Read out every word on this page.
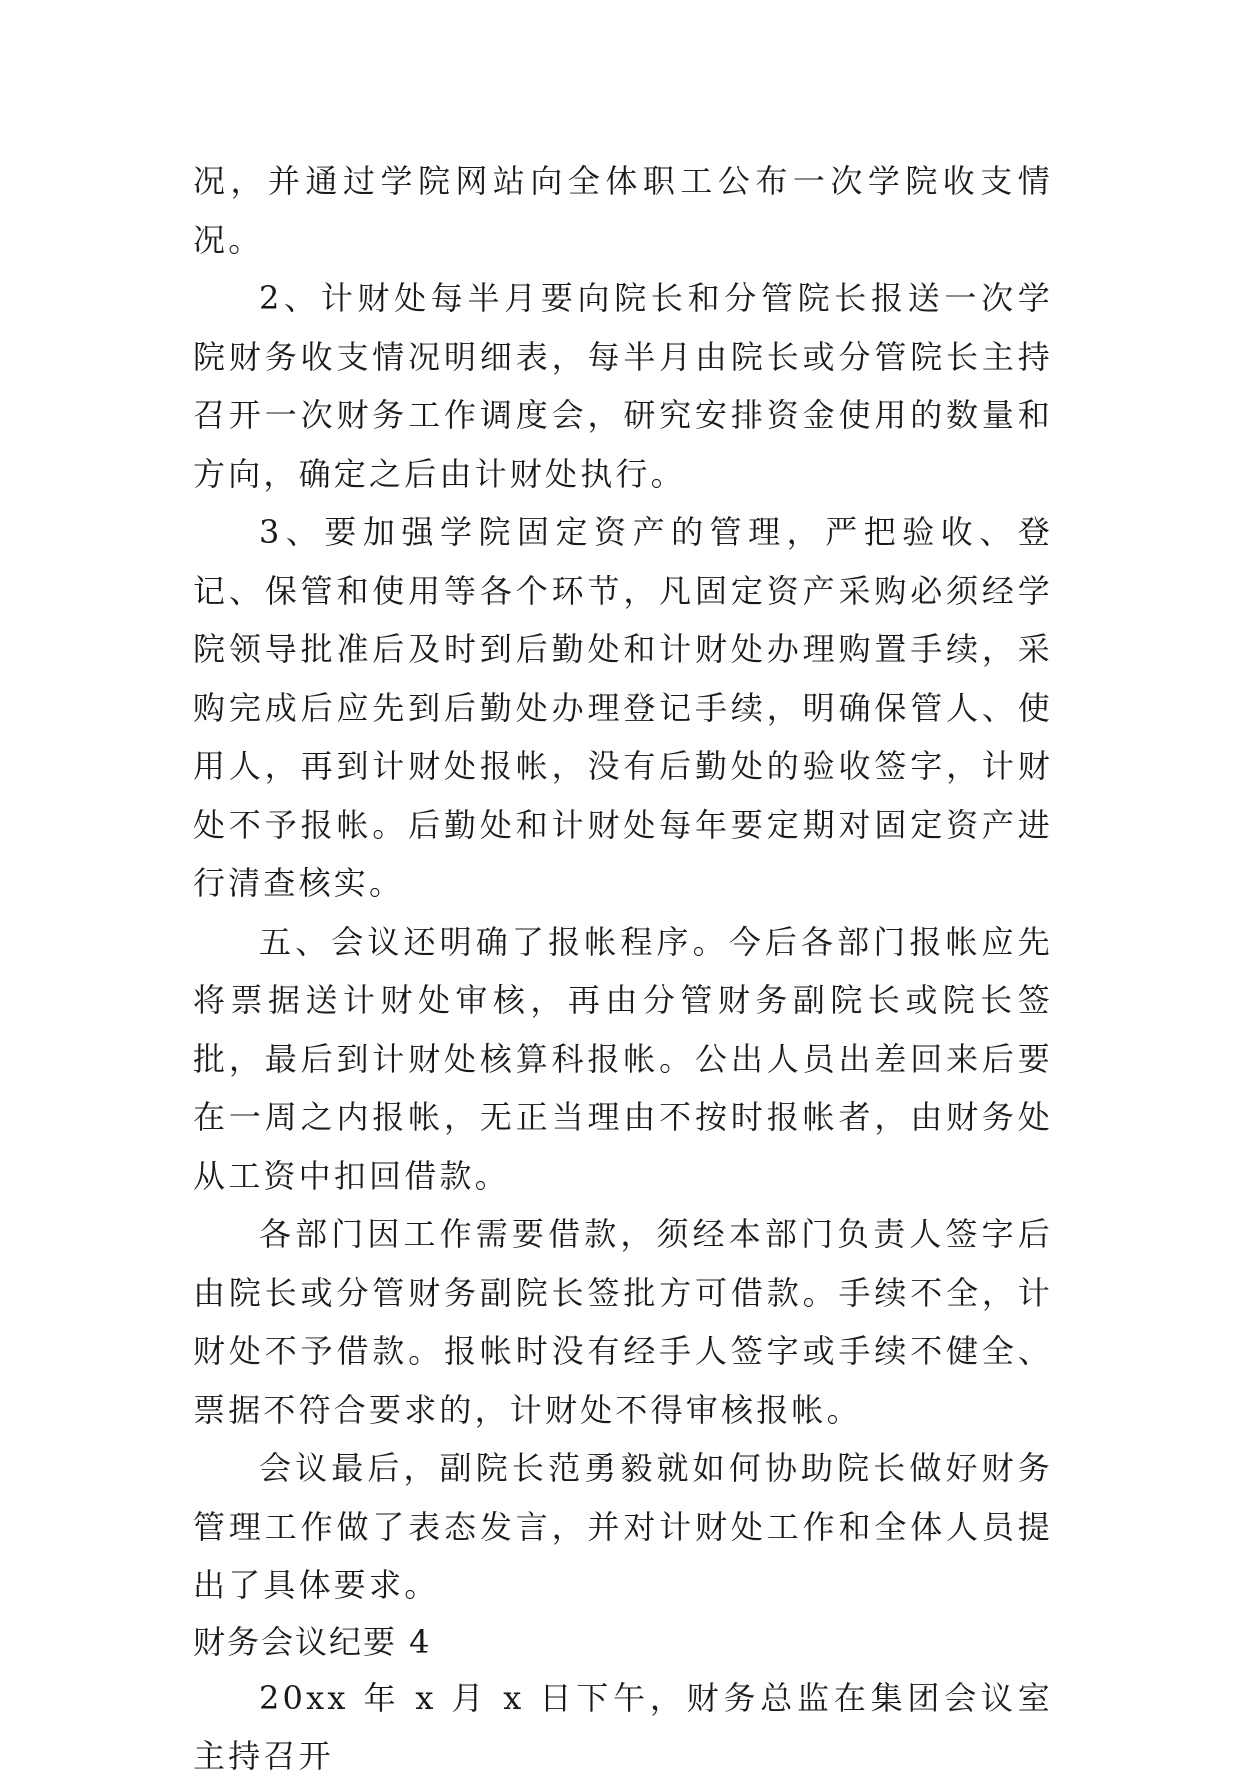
况，并通过学院网站向全体职工公布一次学院收支情况。

2、计财处每半月要向院长和分管院长报送一次学院财务收支情况明细表，每半月由院长或分管院长主持召开一次财务工作调度会，研究安排资金使用的数量和方向，确定之后由计财处执行。

3、要加强学院固定资产的管理，严把验收、登记、保管和使用等各个环节，凡固定资产采购必须经学院领导批准后及时到后勤处和计财处办理购置手续，采购完成后应先到后勤处办理登记手续，明确保管人、使用人，再到计财处报帐，没有后勤处的验收签字，计财处不予报帐。后勤处和计财处每年要定期对固定资产进行清查核实。

五、会议还明确了报帐程序。今后各部门报帐应先将票据送计财处审核，再由分管财务副院长或院长签批，最后到计财处核算科报帐。公出人员出差回来后要在一周之内报帐，无正当理由不按时报帐者，由财务处从工资中扣回借款。

各部门因工作需要借款，须经本部门负责人签字后由院长或分管财务副院长签批方可借款。手续不全，计财处不予借款。报帐时没有经手人签字或手续不健全、票据不符合要求的，计财处不得审核报帐。

会议最后，副院长范勇毅就如何协助院长做好财务管理工作做了表态发言，并对计财处工作和全体人员提出了具体要求。

财务会议纪要 4

20xx 年 x 月 x 日下午，财务总监在集团会议室主持召开
